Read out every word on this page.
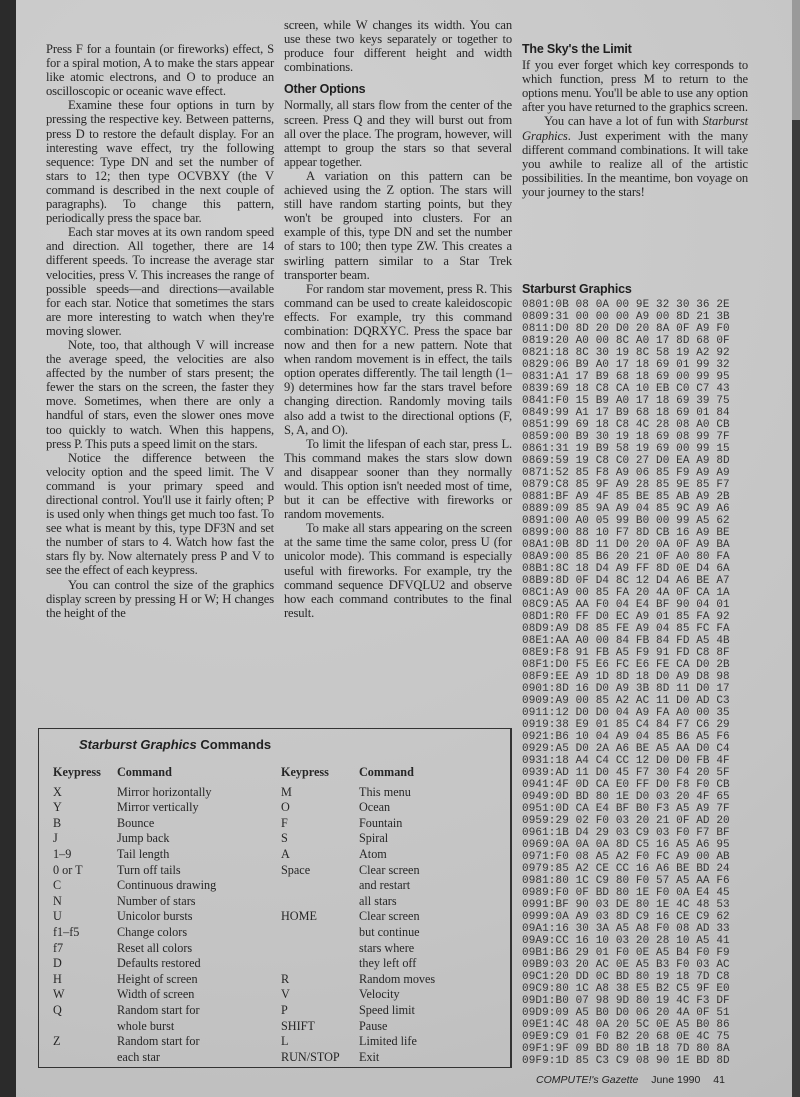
Press F for a fountain (or fireworks) effect, S for a spiral motion, A to make the stars appear like atomic electrons, and O to produce an oscilloscopic or oceanic wave effect.

Examine these four options in turn by pressing the respective key. Between patterns, press D to restore the default display. For an interesting wave effect, try the following sequence: Type DN and set the number of stars to 12; then type OCVBXY (the V command is described in the next couple of paragraphs). To change this pattern, periodically press the space bar.

Each star moves at its own random speed and direction. All together, there are 14 different speeds. To increase the average star velocities, press V. This increases the range of possible speeds—and directions—available for each star. Notice that sometimes the stars are more interesting to watch when they're moving slower.

Note, too, that although V will increase the average speed, the velocities are also affected by the number of stars present; the fewer the stars on the screen, the faster they move. Sometimes, when there are only a handful of stars, even the slower ones move too quickly to watch. When this happens, press P. This puts a speed limit on the stars.

Notice the difference between the velocity option and the speed limit. The V command is your primary speed and directional control. You'll use it fairly often; P is used only when things get much too fast. To see what is meant by this, type DF3N and set the number of stars to 4. Watch how fast the stars fly by. Now alternately press P and V to see the effect of each keypress.

You can control the size of the graphics display screen by pressing H or W; H changes the height of the

screen, while W changes its width. You can use these two keys separately or together to produce four different height and width combinations.

Other Options

Normally, all stars flow from the center of the screen. Press Q and they will burst out from all over the place. The program, however, will attempt to group the stars so that several appear together.

A variation on this pattern can be achieved using the Z option. The stars will still have random starting points, but they won't be grouped into clusters. For an example of this, type DN and set the number of stars to 100; then type ZW. This creates a swirling pattern similar to a Star Trek transporter beam.

For random star movement, press R. This command can be used to create kaleidoscopic effects. For example, try this command combination: DQRXYC. Press the space bar now and then for a new pattern. Note that when random movement is in effect, the tails option operates differently. The tail length (1–9) determines how far the stars travel before changing direction. Randomly moving tails also add a twist to the directional options (F, S, A, and O).

To limit the lifespan of each star, press L. This command makes the stars slow down and disappear sooner than they normally would. This option isn't needed most of time, but it can be effective with fireworks or random movements.

To make all stars appearing on the screen at the same time the same color, press U (for unicolor mode). This command is especially useful with fireworks. For example, try the command sequence DFVQLU2 and observe how each command contributes to the final result.

The Sky's the Limit

If you ever forget which key corresponds to which function, press M to return to the options menu. You'll be able to use any option after you have returned to the graphics screen.

You can have a lot of fun with Starburst Graphics. Just experiment with the many different command combinations. It will take you awhile to realize all of the artistic possibilities. In the meantime, bon voyage on your journey to the stars!

Starburst Graphics
0801:0B 08 0A 00 9E 32 30 36 2E
0809:31 00 00 00 A9 00 8D 21 3B
0811:D0 8D 20 D0 20 8A 0F A9 F0
0819:20 A0 00 8C A0 17 8D 68 0F
0821:18 8C 30 19 8C 58 19 A2 92
0829:06 B9 A0 17 18 69 01 99 32
0831:A1 17 B9 68 18 69 00 99 95
0839:69 18 C8 CA 10 EB C0 C7 43
0841:F0 15 B9 A0 17 18 69 39 75
0849:99 A1 17 B9 68 18 69 01 84
0851:99 69 18 C8 4C 28 08 A0 CB
0859:00 B9 30 19 18 69 08 99 7F
0861:31 19 B9 58 19 69 00 99 15
0869:59 19 C8 C0 27 D0 EA A9 8D
0871:52 85 F8 A9 06 85 F9 A9 A9
0879:C8 85 9F A9 28 85 9E 85 F7
0881:BF A9 4F 85 BE 85 AB A9 2B
0889:09 85 9A A9 04 85 9C A9 A6
0891:00 A0 05 99 B0 00 99 A5 62
0899:00 88 10 F7 8D CB 16 A9 BE
08A1:0B 8D 11 D0 20 0A 0F A9 BA
08A9:00 85 B6 20 21 0F A0 80 FA
08B1:8C 18 D4 A9 FF 8D 0E D4 6A
08B9:8D 0F D4 8C 12 D4 A6 BE A7
08C1:A9 00 85 FA 20 4A 0F CA 1A
08C9:A5 AA F0 04 E4 BF 90 04 01
08D1:R0 FF D0 EC A9 01 85 FA 92
08D9:A9 D8 85 FE A9 04 85 FC FA
08E1:AA A0 00 84 FB 84 FD A5 4B
08E9:F8 91 FB A5 F9 91 FD C8 8F
08F1:D0 F5 E6 FC E6 FE CA D0 2B
08F9:EE A9 1D 8D 18 D0 A9 D8 98
0901:8D 16 D0 A9 3B 8D 11 D0 17
0909:A9 00 85 A2 AC 11 D0 AD C3
0911:12 D0 D0 04 A9 FA A0 00 35
0919:38 E9 01 85 C4 84 F7 C6 29
0921:B6 10 04 A9 04 85 B6 A5 F6
0929:A5 D0 2A A6 BE A5 AA D0 C4
0931:18 A4 C4 CC 12 D0 D0 FB 4F
0939:AD 11 D0 45 F7 30 F4 20 5F
0941:4F 0D CA E0 FF D0 F8 F0 CB
0949:0D BD 80 1E D0 03 20 4F 65
0951:0D CA E4 BF B0 F3 A5 A9 7F
0959:29 02 F0 03 20 21 0F AD 20
0961:1B D4 29 03 C9 03 F0 F7 BF
0969:0A 0A 0A 8D C5 16 A5 A6 95
0971:F0 08 A5 A2 F0 FC A9 00 AB
0979:85 A2 CE CC 16 A6 BE BD 24
0981:80 1C C9 80 F0 57 A5 AA F6
0989:F0 0F BD 80 1E F0 0A E4 45
0991:BF 90 03 DE 80 1E 4C 48 53
0999:0A A9 03 8D C9 16 CE C9 62
09A1:16 30 3A A5 A8 F0 08 AD 33
09A9:CC 16 10 03 20 28 10 A5 41
09B1:B6 29 01 F0 0E A5 B4 F0 F9
09B9:03 20 AC 0E A5 B3 F0 03 AC
09C1:20 DD 0C BD 80 19 18 7D C8
09C9:80 1C A8 38 E5 B2 C5 9F E0
09D1:B0 07 98 9D 80 19 4C F3 DF
09D9:09 A5 B0 D0 06 20 4A 0F 51
09E1:4C 48 0A 20 5C 0E A5 B0 86
09E9:C9 01 F0 B2 20 68 0E 4C 75
09F1:9F 09 BD 80 1B 18 7D 80 8A
09F9:1D 85 C3 C9 08 90 1E BD 8D
Starburst Graphics Commands
Keypress	Command
X	Mirror horizontally
Y	Mirror vertically
B	Bounce
J	Jump back
1–9	Tail length
0 or T	Turn off tails
C	Continuous drawing
N	Number of stars
U	Unicolor bursts
f1–f5	Change colors
f7	Reset all colors
D	Defaults restored
H	Height of screen
W	Width of screen
Q	Random start for
whole burst
Z	Random start for
each star
Keypress	Command
M	This menu
O	Ocean
F	Fountain
S	Spiral
A	Atom
Space	Clear screen
and restart
all stars
HOME	Clear screen
but continue
stars where
they left off
R	Random moves
V	Velocity
P	Speed limit
SHIFT	Pause
L	Limited life
RUN/STOP	Exit
COMPUTE!'s Gazette June 1990 41
